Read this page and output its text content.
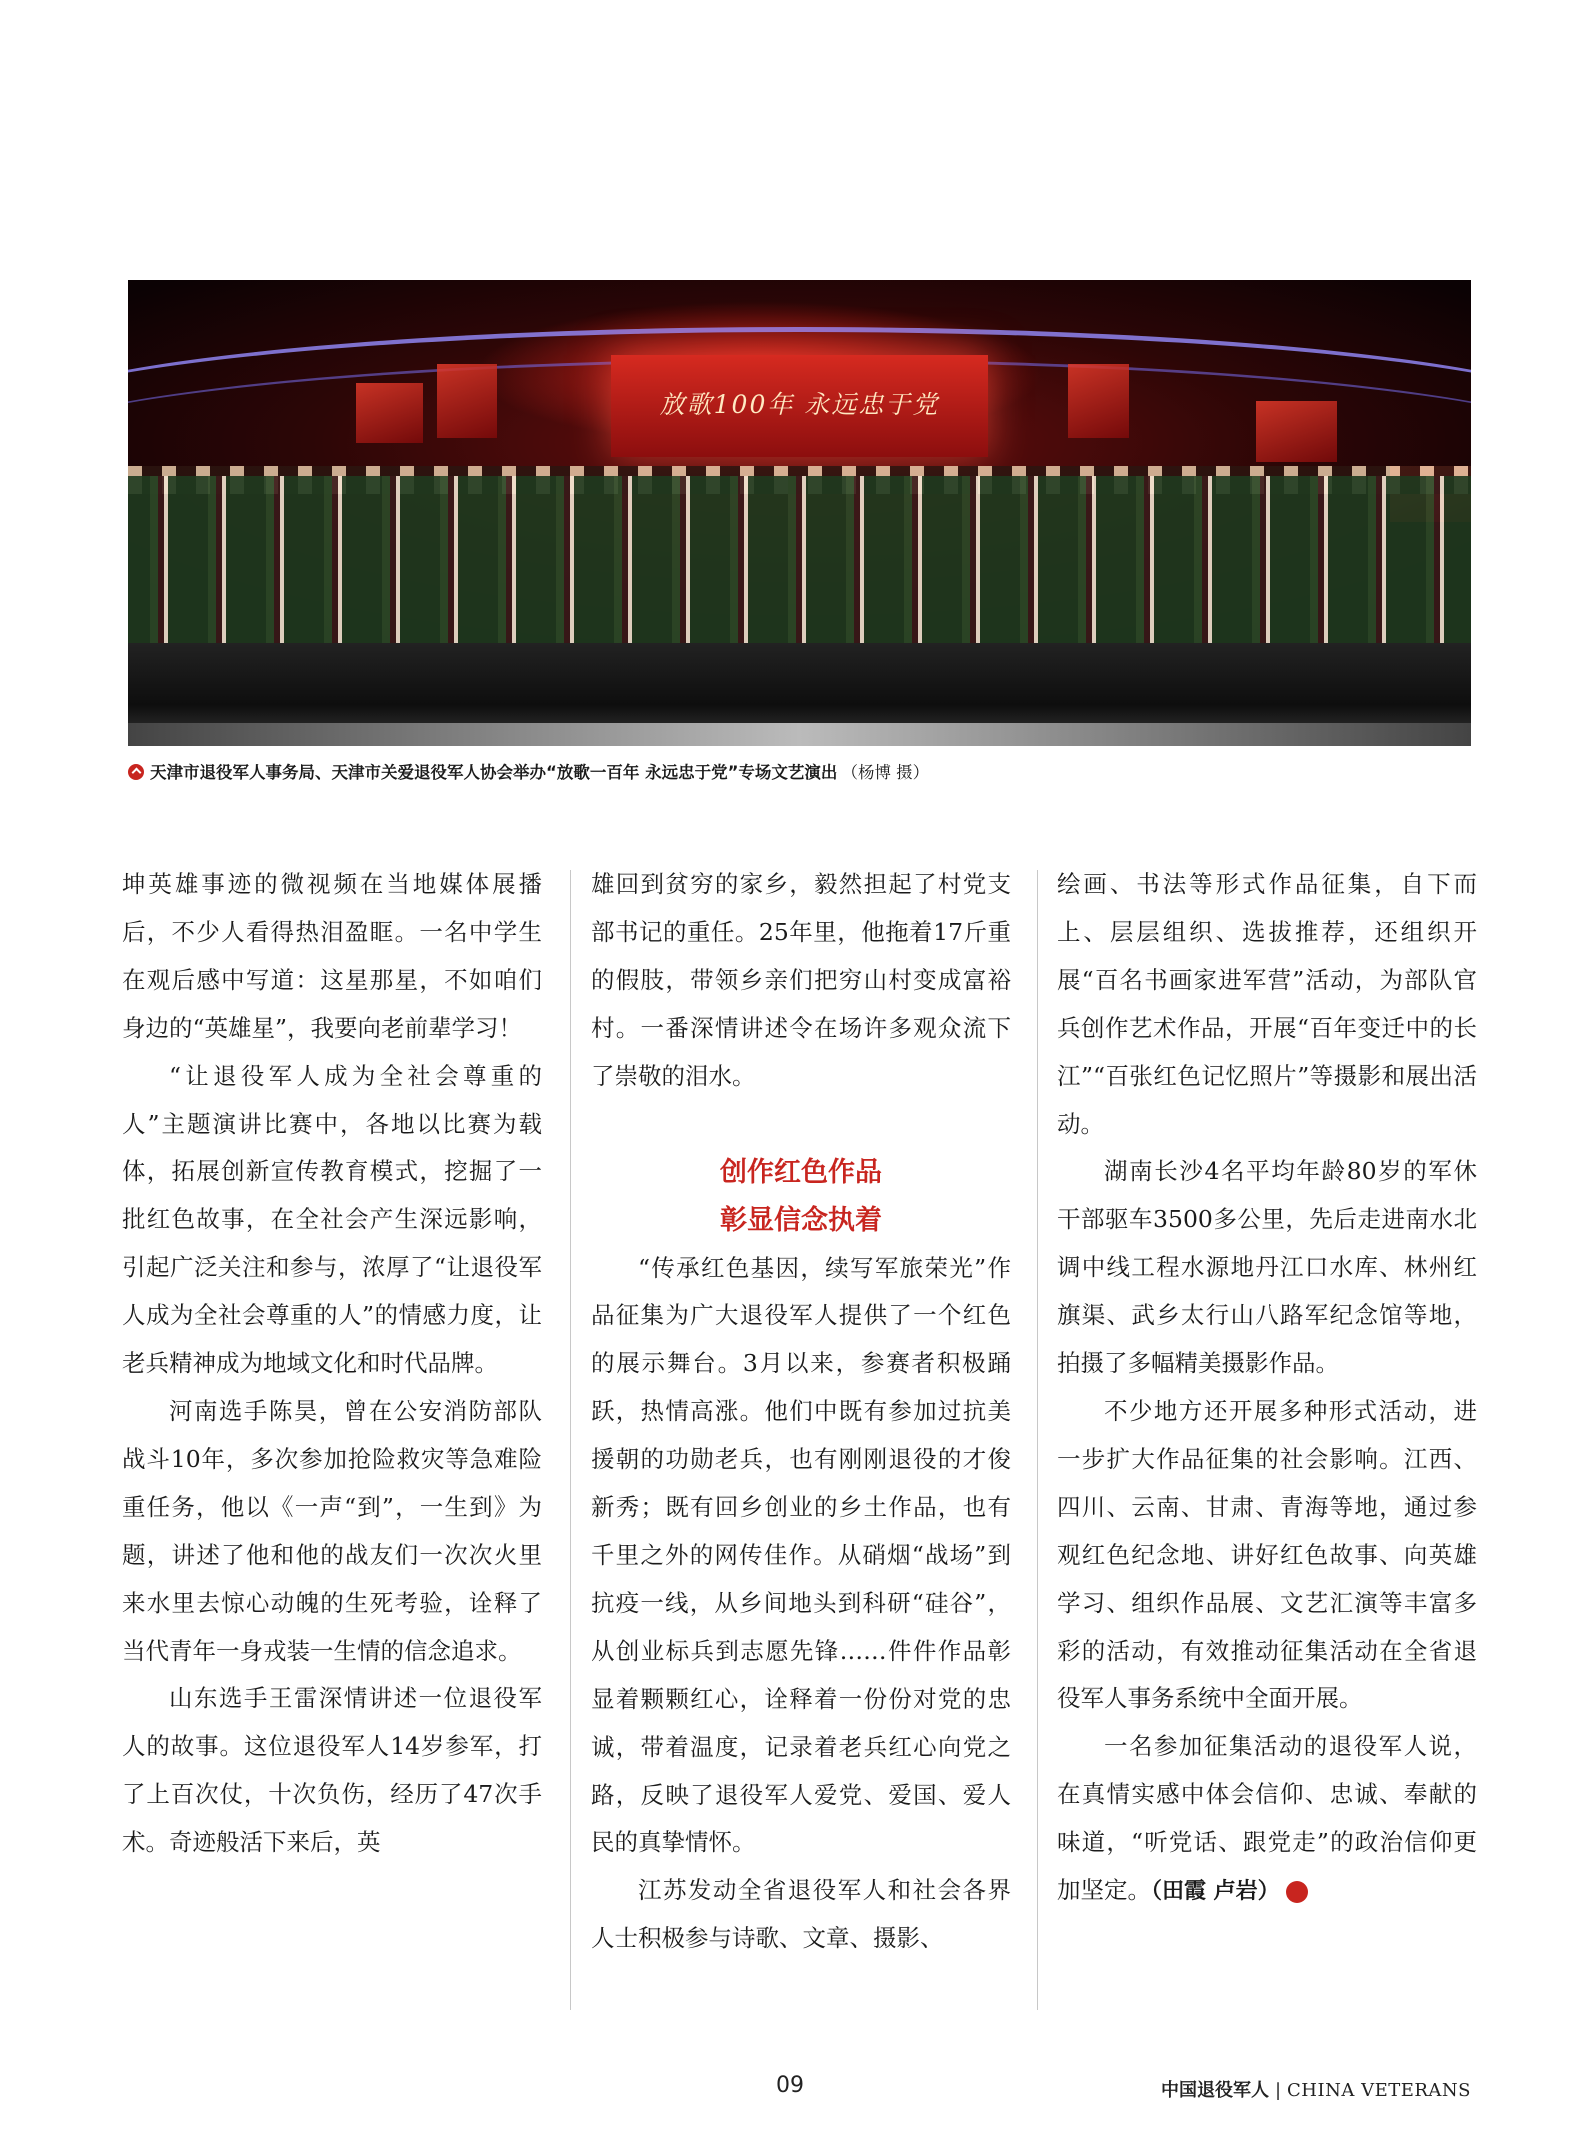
放歌100年 永远忠于党
天津市退役军人事务局、天津市关爱退役军人协会举办“放歌一百年 永远忠于党”专场文艺演出 （杨博 摄）

坤英雄事迹的微视频在当地媒体展播后，不少人看得热泪盈眶。一名中学生在观后感中写道：这星那星，不如咱们身边的“英雄星”，我要向老前辈学习！

“让退役军人成为全社会尊重的人”主题演讲比赛中，各地以比赛为载体，拓展创新宣传教育模式，挖掘了一批红色故事，在全社会产生深远影响，引起广泛关注和参与，浓厚了“让退役军人成为全社会尊重的人”的情感力度，让老兵精神成为地域文化和时代品牌。

河南选手陈昊，曾在公安消防部队战斗10年，多次参加抢险救灾等急难险重任务，他以《一声“到”，一生到》为题，讲述了他和他的战友们一次次火里来水里去惊心动魄的生死考验，诠释了当代青年一身戎装一生情的信念追求。

山东选手王雷深情讲述一位退役军人的故事。这位退役军人14岁参军，打了上百次仗，十次负伤，经历了47次手术。奇迹般活下来后，英

雄回到贫穷的家乡，毅然担起了村党支部书记的重任。25年里，他拖着17斤重的假肢，带领乡亲们把穷山村变成富裕村。一番深情讲述令在场许多观众流下了崇敬的泪水。

创作红色作品
彰显信念执着

“传承红色基因，续写军旅荣光”作品征集为广大退役军人提供了一个红色的展示舞台。3月以来，参赛者积极踊跃，热情高涨。他们中既有参加过抗美援朝的功勋老兵，也有刚刚退役的才俊新秀；既有回乡创业的乡土作品，也有千里之外的网传佳作。从硝烟“战场”到抗疫一线，从乡间地头到科研“硅谷”，从创业标兵到志愿先锋……件件作品彰显着颗颗红心，诠释着一份份对党的忠诚，带着温度，记录着老兵红心向党之路，反映了退役军人爱党、爱国、爱人民的真挚情怀。

江苏发动全省退役军人和社会各界人士积极参与诗歌、文章、摄影、

绘画、书法等形式作品征集，自下而上、层层组织、选拔推荐，还组织开展“百名书画家进军营”活动，为部队官兵创作艺术作品，开展“百年变迁中的长江”“百张红色记忆照片”等摄影和展出活动。

湖南长沙4名平均年龄80岁的军休干部驱车3500多公里，先后走进南水北调中线工程水源地丹江口水库、林州红旗渠、武乡太行山八路军纪念馆等地，拍摄了多幅精美摄影作品。

不少地方还开展多种形式活动，进一步扩大作品征集的社会影响。江西、四川、云南、甘肃、青海等地，通过参观红色纪念地、讲好红色故事、向英雄学习、组织作品展、文艺汇演等丰富多彩的活动，有效推动征集活动在全省退役军人事务系统中全面开展。

一名参加征集活动的退役军人说，在真情实感中体会信仰、忠诚、奉献的味道，“听党话、跟党走”的政治信仰更加坚定。（田霞 卢岩）	V

09	中国退役军人 | CHINA VETERANS
